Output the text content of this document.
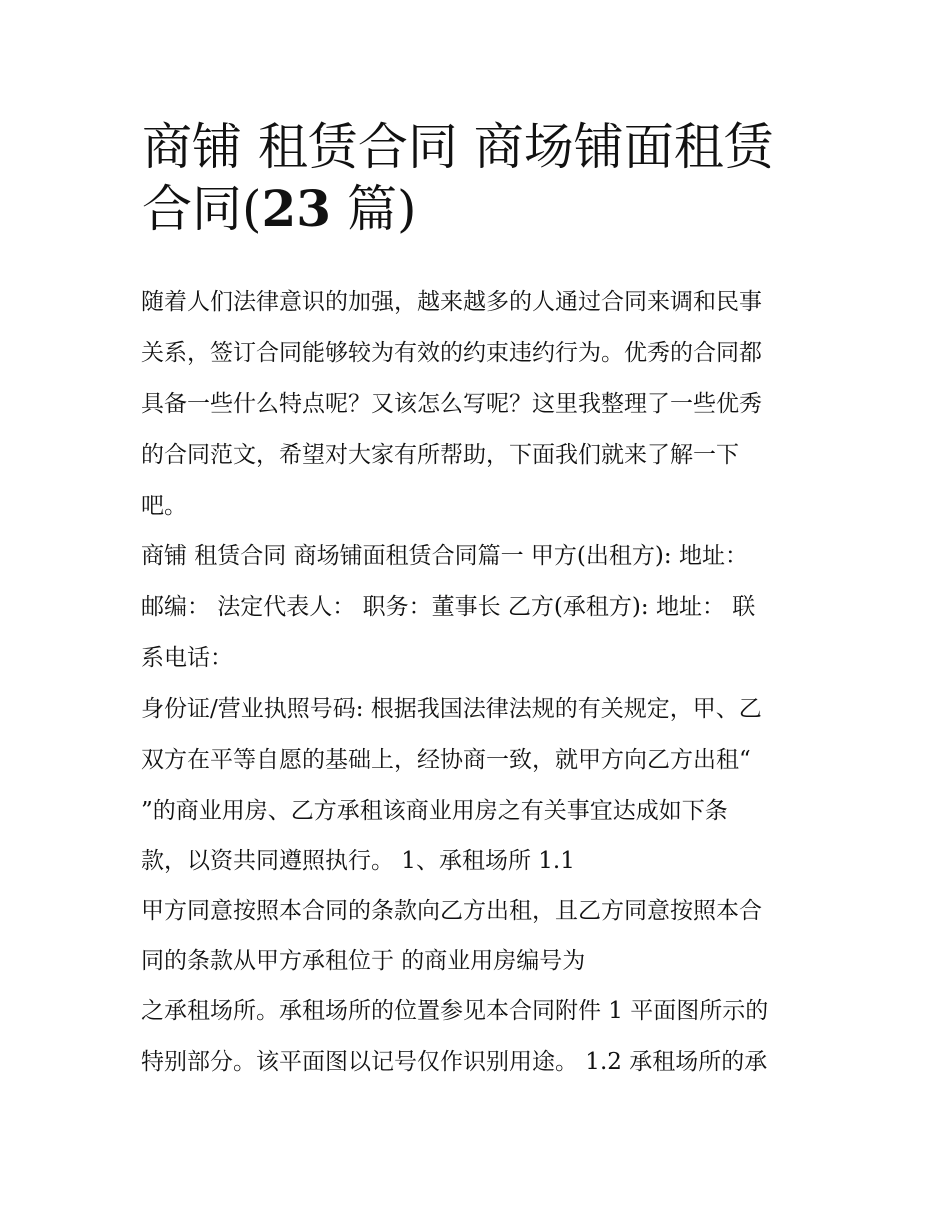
商铺 租赁合同 商场铺面租赁
合同(23 篇)

随着人们法律意识的加强，越来越多的人通过合同来调和民事

关系，签订合同能够较为有效的约束违约行为。优秀的合同都

具备一些什么特点呢？又该怎么写呢？这里我整理了一些优秀

的合同范文，希望对大家有所帮助，下面我们就来了解一下

吧。

商铺 租赁合同 商场铺面租赁合同篇一 甲方(出租方): 地址：

邮编： 法定代表人： 职务：董事长 乙方(承租方): 地址： 联

系电话：

身份证/营业执照号码: 根据我国法律法规的有关规定，甲、乙

双方在平等自愿的基础上，经协商一致，就甲方向乙方出租“

”的商业用房、乙方承租该商业用房之有关事宜达成如下条

款，以资共同遵照执行。 1、承租场所 1.1

甲方同意按照本合同的条款向乙方出租，且乙方同意按照本合

同的条款从甲方承租位于 的商业用房编号为

之承租场所。承租场所的位置参见本合同附件 1 平面图所示的

特别部分。该平面图以记号仅作识别用途。 1.2 承租场所的承
